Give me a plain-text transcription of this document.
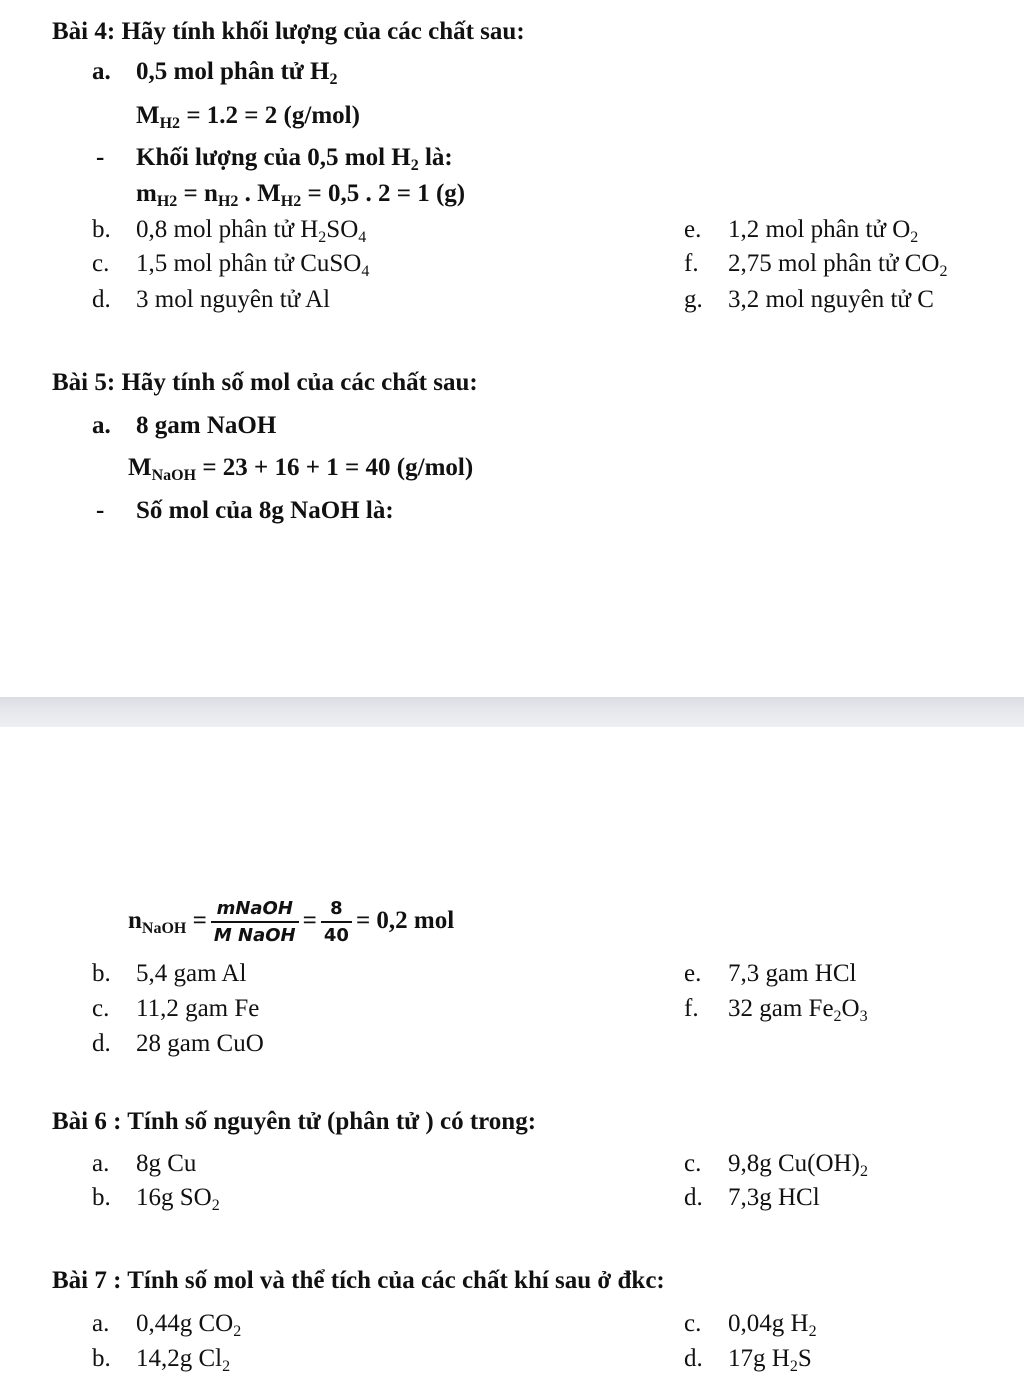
Bài 4: Hãy tính khối lượng của các chất sau:
a. 0,5 mol phân tử $H_2$
$M_{H2} = 1.2 = 2$ (g/mol)
- Khối lượng của 0,5 mol $H_2$ là:
$m_{H2} = n_{H2}$ . $M_{H2} = 0,5$ . 2 = 1 (g)
b. 0,8 mol phân tử $H_2SO_4$	e. 1,2 mol phân tử $O_2$
c. 1,5 mol phân tử CuSO$_4$	f. 2,75 mol phân tử $CO_2$
d. 3 mol nguyên tử Al	g. 3,2 mol nguyên tử C
Bài 5: Hãy tính số mol của các chất sau:
a. 8 gam NaOH
$M_{NaOH} = 23 + 16 + 1 = 40$ (g/mol)
- Số mol của 8g NaOH là:
$n_{NaOH} = \frac{\text{mNaOH}}{\text{M NaOH}} = \frac{8}{40} = 0,2$ mol
b. 5,4 gam Al	e. 7,3 gam HCl
c. 11,2 gam Fe	f. 32 gam $Fe_2O_3$
d. 28 gam CuO
Bài 6 : Tính số nguyên tử (phân tử ) có trong:
a. 8g Cu	c. 9,8g $Cu(OH)_2$
b. 16g $SO_2$	d. 7,3g HCl
Bài 7 : Tính số mol và thể tích của các chất khí sau ở đkc:
a. 0,44g $CO_2$	c. 0,04g $H_2$
b. 14,2g $Cl_2$	d. 17g $H_2S$
